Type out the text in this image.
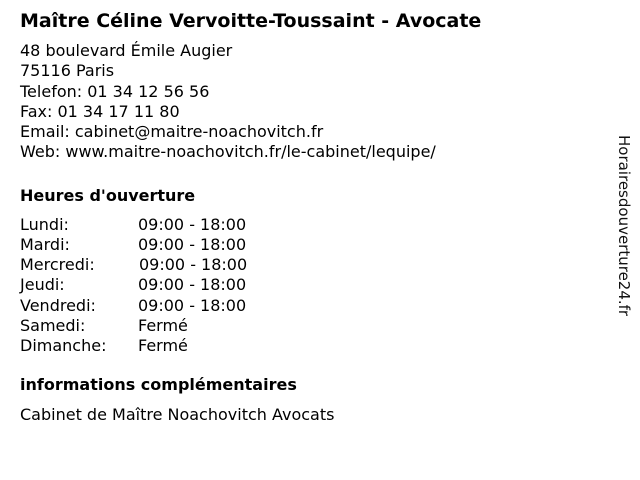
Maître Céline Vervoitte-Toussaint - Avocate
48 boulevard Émile Augier
75116 Paris
Telefon: 01 34 12 56 56
Fax: 01 34 17 11 80
Email: cabinet@maitre-noachovitch.fr
Web: www.maitre-noachovitch.fr/le-cabinet/lequipe/
Heures d'ouverture
Lundi:	09:00 - 18:00
Mardi:	09:00 - 18:00
Mercredi:	09:00 - 18:00
Jeudi:	09:00 - 18:00
Vendredi:	09:00 - 18:00
Samedi:	Fermé
Dimanche: Fermé
informations complémentaires
Cabinet de Maître Noachovitch Avocats
Horairesdouverture24.fr
